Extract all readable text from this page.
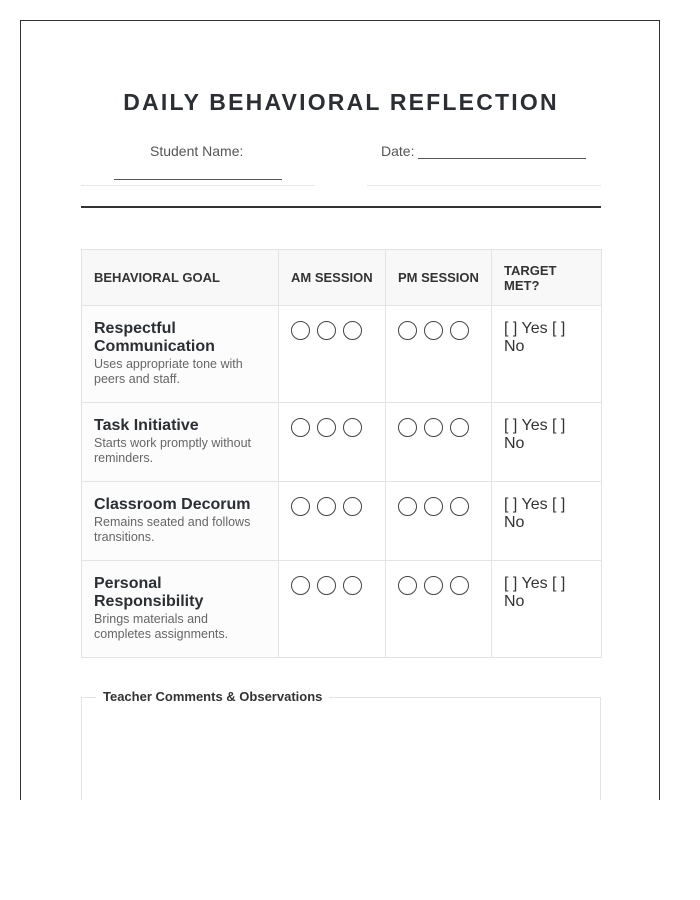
DAILY BEHAVIORAL REFLECTION
Student Name:	Date:
BEHAVIORAL GOAL	AM SESSION	PM SESSION	TARGET MET?

Respectful Communication
Uses appropriate tone with peers and staff.			[ ] Yes [ ] No

Task Initiative
Starts work promptly without reminders.			[ ] Yes [ ] No

Classroom Decorum
Remains seated and follows transitions.			[ ] Yes [ ] No

Personal Responsibility
Brings materials and completes assignments.			[ ] Yes [ ] No
Teacher Comments & Observations
